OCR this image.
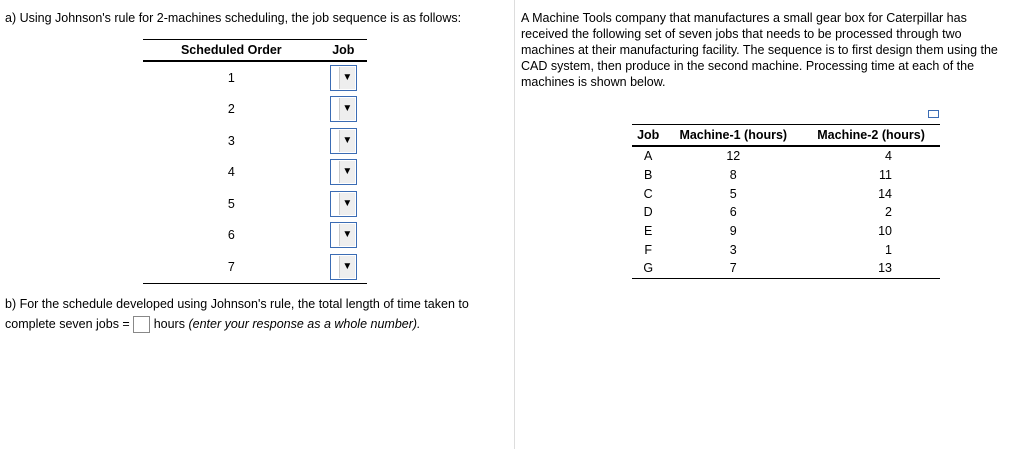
a) Using Johnson's rule for 2-machines scheduling, the job sequence is as follows:
Scheduled Order	Job
1	▼

2	▼

3	▼

4	▼

5	▼

6	▼

7	▼
b) For the schedule developed using Johnson's rule, the total length of time taken to
complete seven jobs = hours (enter your response as a whole number).
A Machine Tools company that manufactures a small gear box for Caterpillar has received the following set of seven jobs that needs to be processed through two machines at their manufacturing facility. The sequence is to first design them using the CAD system, then produce in the second machine. Processing time at each of the machines is shown below.
Job	Machine-1 (hours)	Machine-2 (hours)
A	12	4
B	8	11
C	5	14
D	6	2
E	9	10
F	3	1
G	7	13
